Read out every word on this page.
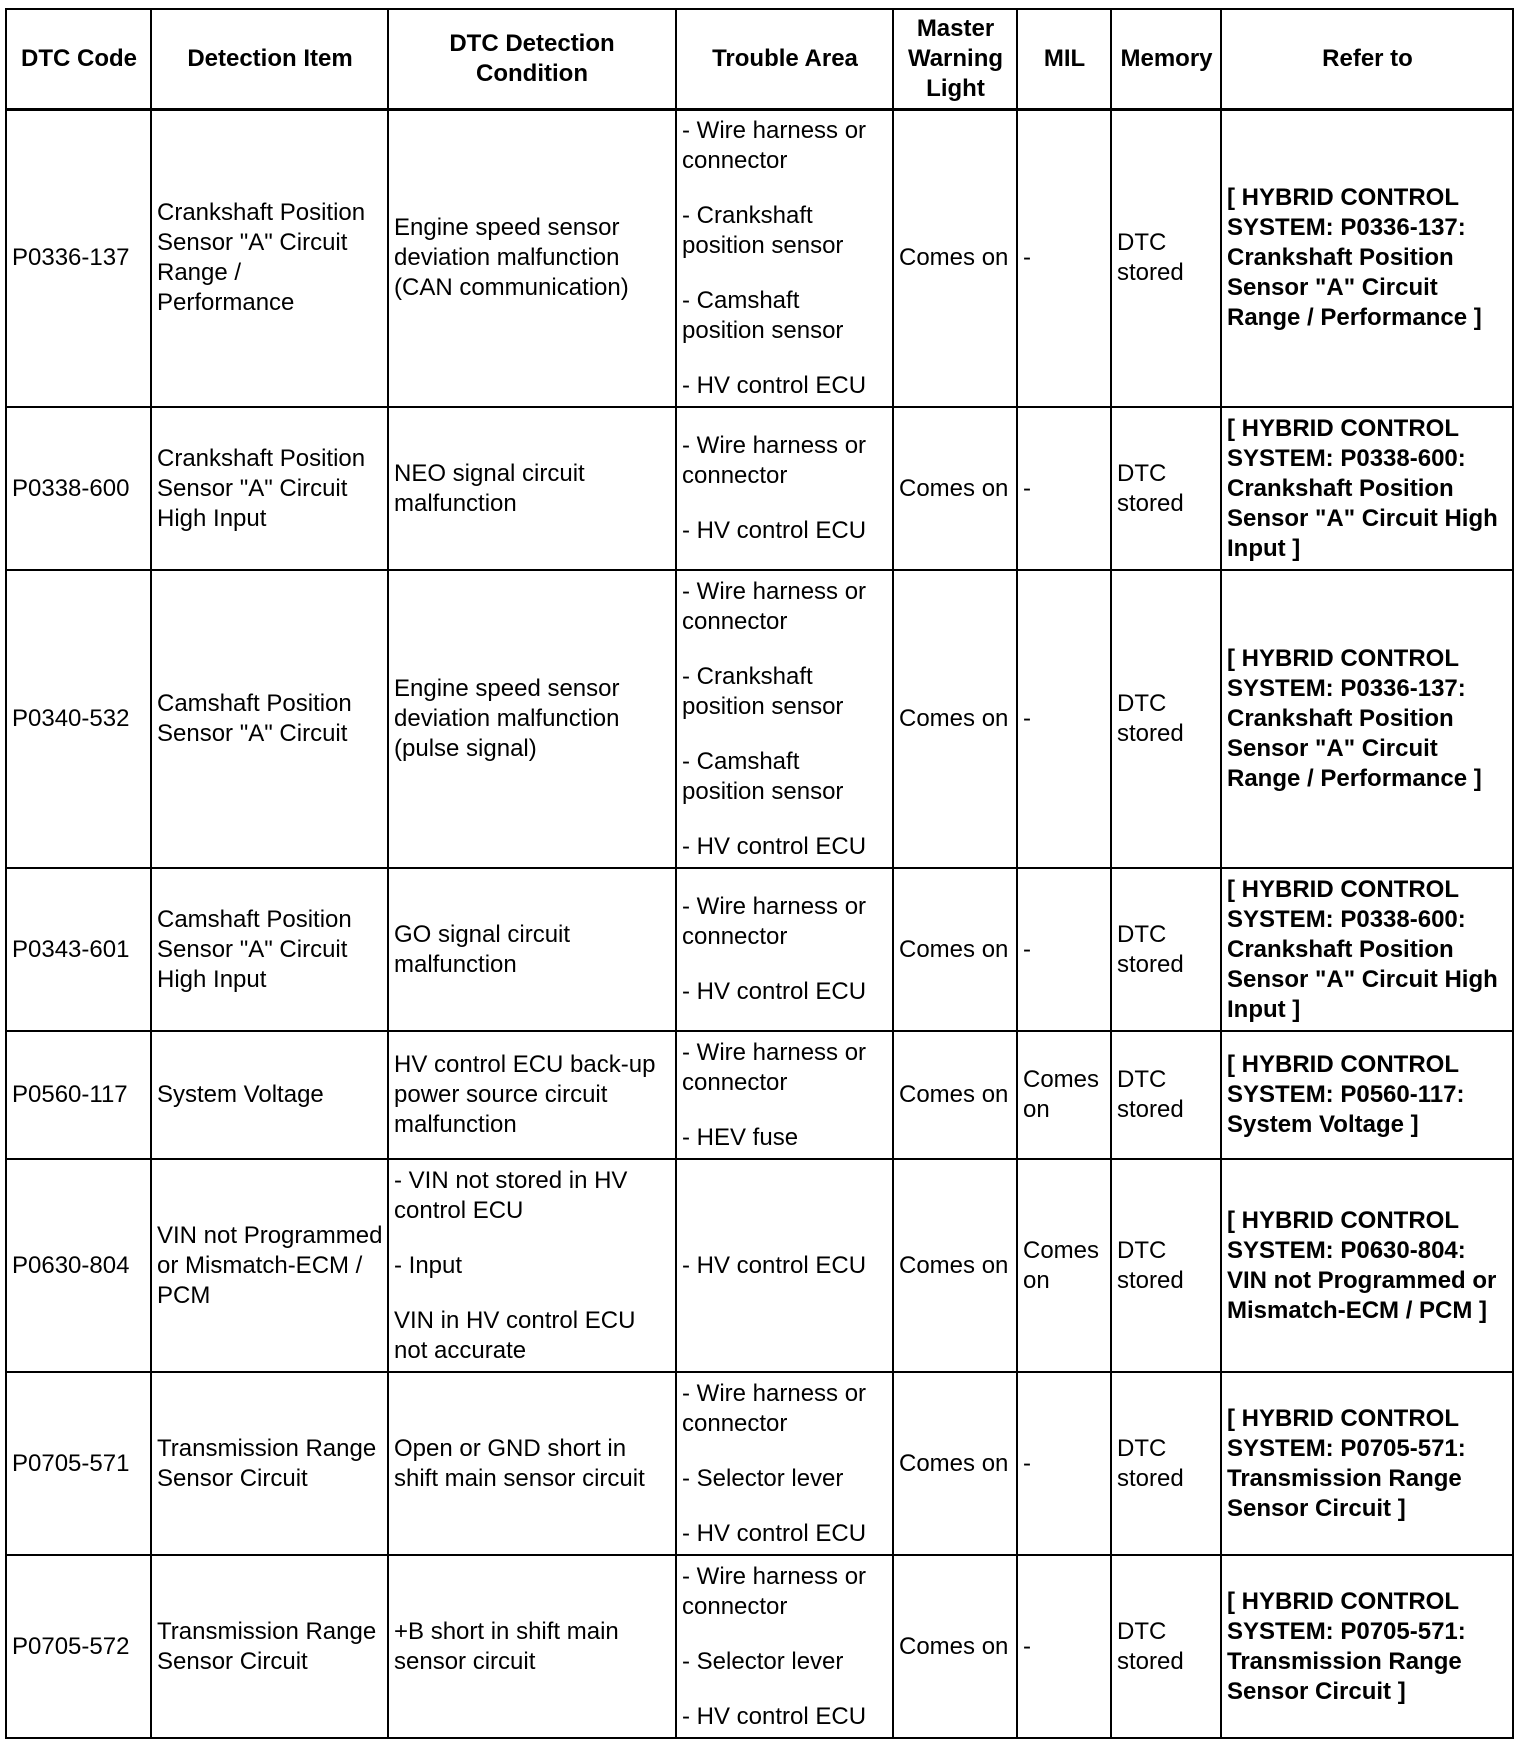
DTC Code	Detection Item	DTC Detection Condition	Trouble Area	Master Warning Light	MIL	Memory	Refer to
P0336-137	Crankshaft Position Sensor "A" Circuit Range / Performance	Engine speed sensor deviation malfunction (CAN communication)	- Wire harness or connector
- Crankshaft position sensor
- Camshaft position sensor
- HV control ECU	Comes on	-	DTC stored	[ HYBRID CONTROL SYSTEM: P0336-137: Crankshaft Position Sensor "A" Circuit Range / Performance ]
P0338-600	Crankshaft Position Sensor "A" Circuit High Input	NEO signal circuit malfunction	- Wire harness or connector
- HV control ECU	Comes on	-	DTC stored	[ HYBRID CONTROL SYSTEM: P0338-600: Crankshaft Position Sensor "A" Circuit High Input ]
P0340-532	Camshaft Position Sensor "A" Circuit	Engine speed sensor deviation malfunction (pulse signal)	- Wire harness or connector
- Crankshaft position sensor
- Camshaft position sensor
- HV control ECU	Comes on	-	DTC stored	[ HYBRID CONTROL SYSTEM: P0336-137: Crankshaft Position Sensor "A" Circuit Range / Performance ]
P0343-601	Camshaft Position Sensor "A" Circuit High Input	GO signal circuit malfunction	- Wire harness or connector
- HV control ECU	Comes on	-	DTC stored	[ HYBRID CONTROL SYSTEM: P0338-600: Crankshaft Position Sensor "A" Circuit High Input ]
P0560-117	System Voltage	HV control ECU back-up power source circuit malfunction	- Wire harness or connector
- HEV fuse	Comes on	Comes on	DTC stored	[ HYBRID CONTROL SYSTEM: P0560-117: System Voltage ]
P0630-804	VIN not Programmed or Mismatch-ECM / PCM	- VIN not stored in HV control ECU
- Input
VIN in HV control ECU not accurate	- HV control ECU	Comes on	Comes on	DTC stored	[ HYBRID CONTROL SYSTEM: P0630-804: VIN not Programmed or Mismatch-ECM / PCM ]
P0705-571	Transmission Range Sensor Circuit	Open or GND short in shift main sensor circuit	- Wire harness or connector
- Selector lever
- HV control ECU	Comes on	-	DTC stored	[ HYBRID CONTROL SYSTEM: P0705-571: Transmission Range Sensor Circuit ]
P0705-572	Transmission Range Sensor Circuit	+B short in shift main sensor circuit	- Wire harness or connector
- Selector lever
- HV control ECU	Comes on	-	DTC stored	[ HYBRID CONTROL SYSTEM: P0705-571: Transmission Range Sensor Circuit ]
